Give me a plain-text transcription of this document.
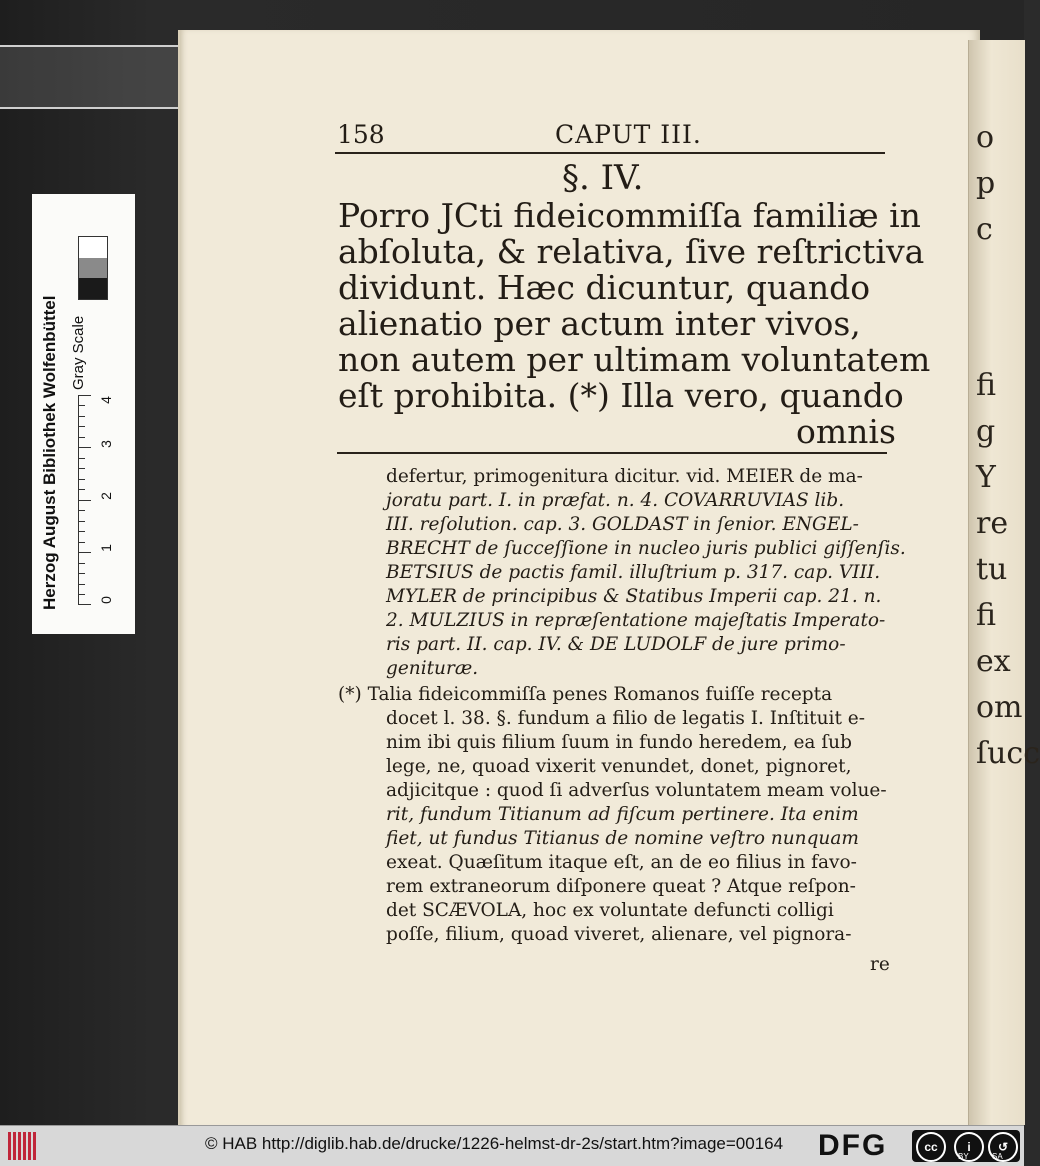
Herzog August Bibliothek Wolfenbüttel Gray Scale
0
1
2
3
4
o
p
c
fi
g
Y
re
tu
fi
ex
om
ſucc
158	CAPUT III.
§. IV.
Porro JCti fideicommiſſa familiæ in
abſoluta, & relativa, ſive reſtrictiva
dividunt. Hæc dicuntur, quando
alienatio per actum inter vivos,
non autem per ultimam voluntatem
eſt prohibita. (*) Illa vero, quando
omnis
defertur, primogenitura dicitur. vid. MEIER de ma-
joratu part. I. in præfat. n. 4. COVARRUVIAS lib.
III. reſolution. cap. 3. GOLDAST in ſenior. ENGEL-
BRECHT de ſucceſſione in nucleo juris publici giſſenſis.
BETSIUS de pactis famil. illuſtrium p. 317. cap. VIII.
MYLER de principibus & Statibus Imperii cap. 21. n.
2. MULZIUS in repræſentatione majeſtatis Imperato-
ris part. II. cap. IV. & DE LUDOLF de jure primo-
genituræ.
(*) Talia fideicommiſſa penes Romanos fuiſſe recepta
docet l. 38. §. fundum a filio de legatis I. Inſtituit e-
nim ibi quis filium ſuum in fundo heredem, ea ſub
lege, ne, quoad vixerit venundet, donet, pignoret,
adjicitque : quod ſi adverſus voluntatem meam volue-
rit, fundum Titianum ad fiſcum pertinere. Ita enim
fiet, ut fundus Titianus de nomine veſtro nunquam
exeat. Quæſitum itaque eſt, an de eo filius in favo-
rem extraneorum diſponere queat ? Atque reſpon-
det SCÆVOLA, hoc ex voluntate defuncti colligi
poſſe, filium, quoad viveret, alienare, vel pignora-
re
© HAB http://diglib.hab.de/drucke/1226-helmst-dr-2s/start.htm?image=00164 DFG	cc	i	↺
BY	SA
